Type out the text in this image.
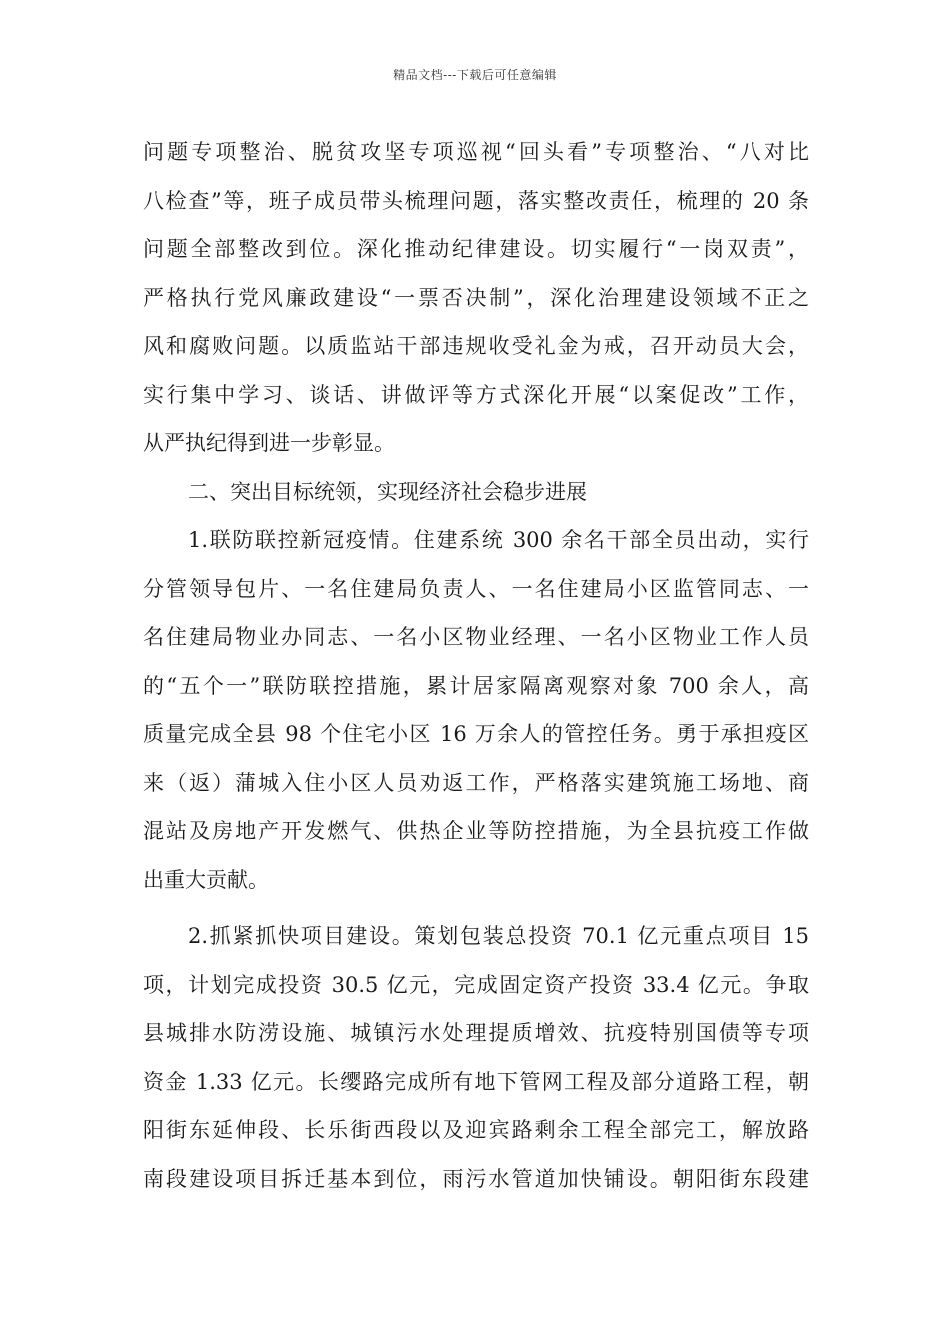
精品文档---下载后可任意编辑
问题专项整治、脱贫攻坚专项巡视“回头看”专项整治、“八对比
八检查”等，班子成员带头梳理问题，落实整改责任，梳理的 20 条
问题全部整改到位。深化推动纪律建设。切实履行“一岗双责”，
严格执行党风廉政建设“一票否决制”，深化治理建设领域不正之
风和腐败问题。以质监站干部违规收受礼金为戒，召开动员大会，
实行集中学习、谈话、讲做评等方式深化开展“以案促改”工作，
从严执纪得到进一步彰显。
二、突出目标统领，实现经济社会稳步进展
1.联防联控新冠疫情。住建系统 300 余名干部全员出动，实行
分管领导包片、一名住建局负责人、一名住建局小区监管同志、一
名住建局物业办同志、一名小区物业经理、一名小区物业工作人员
的“五个一”联防联控措施，累计居家隔离观察对象 700 余人，高
质量完成全县 98 个住宅小区 16 万余人的管控任务。勇于承担疫区
来（返）蒲城入住小区人员劝返工作，严格落实建筑施工场地、商
混站及房地产开发燃气、供热企业等防控措施，为全县抗疫工作做
出重大贡献。
2.抓紧抓快项目建设。策划包装总投资 70.1 亿元重点项目 15
项，计划完成投资 30.5 亿元，完成固定资产投资 33.4 亿元。争取
县城排水防涝设施、城镇污水处理提质增效、抗疫特别国债等专项
资金 1.33 亿元。长缨路完成所有地下管网工程及部分道路工程，朝
阳街东延伸段、长乐街西段以及迎宾路剩余工程全部完工，解放路
南段建设项目拆迁基本到位，雨污水管道加快铺设。朝阳街东段建
